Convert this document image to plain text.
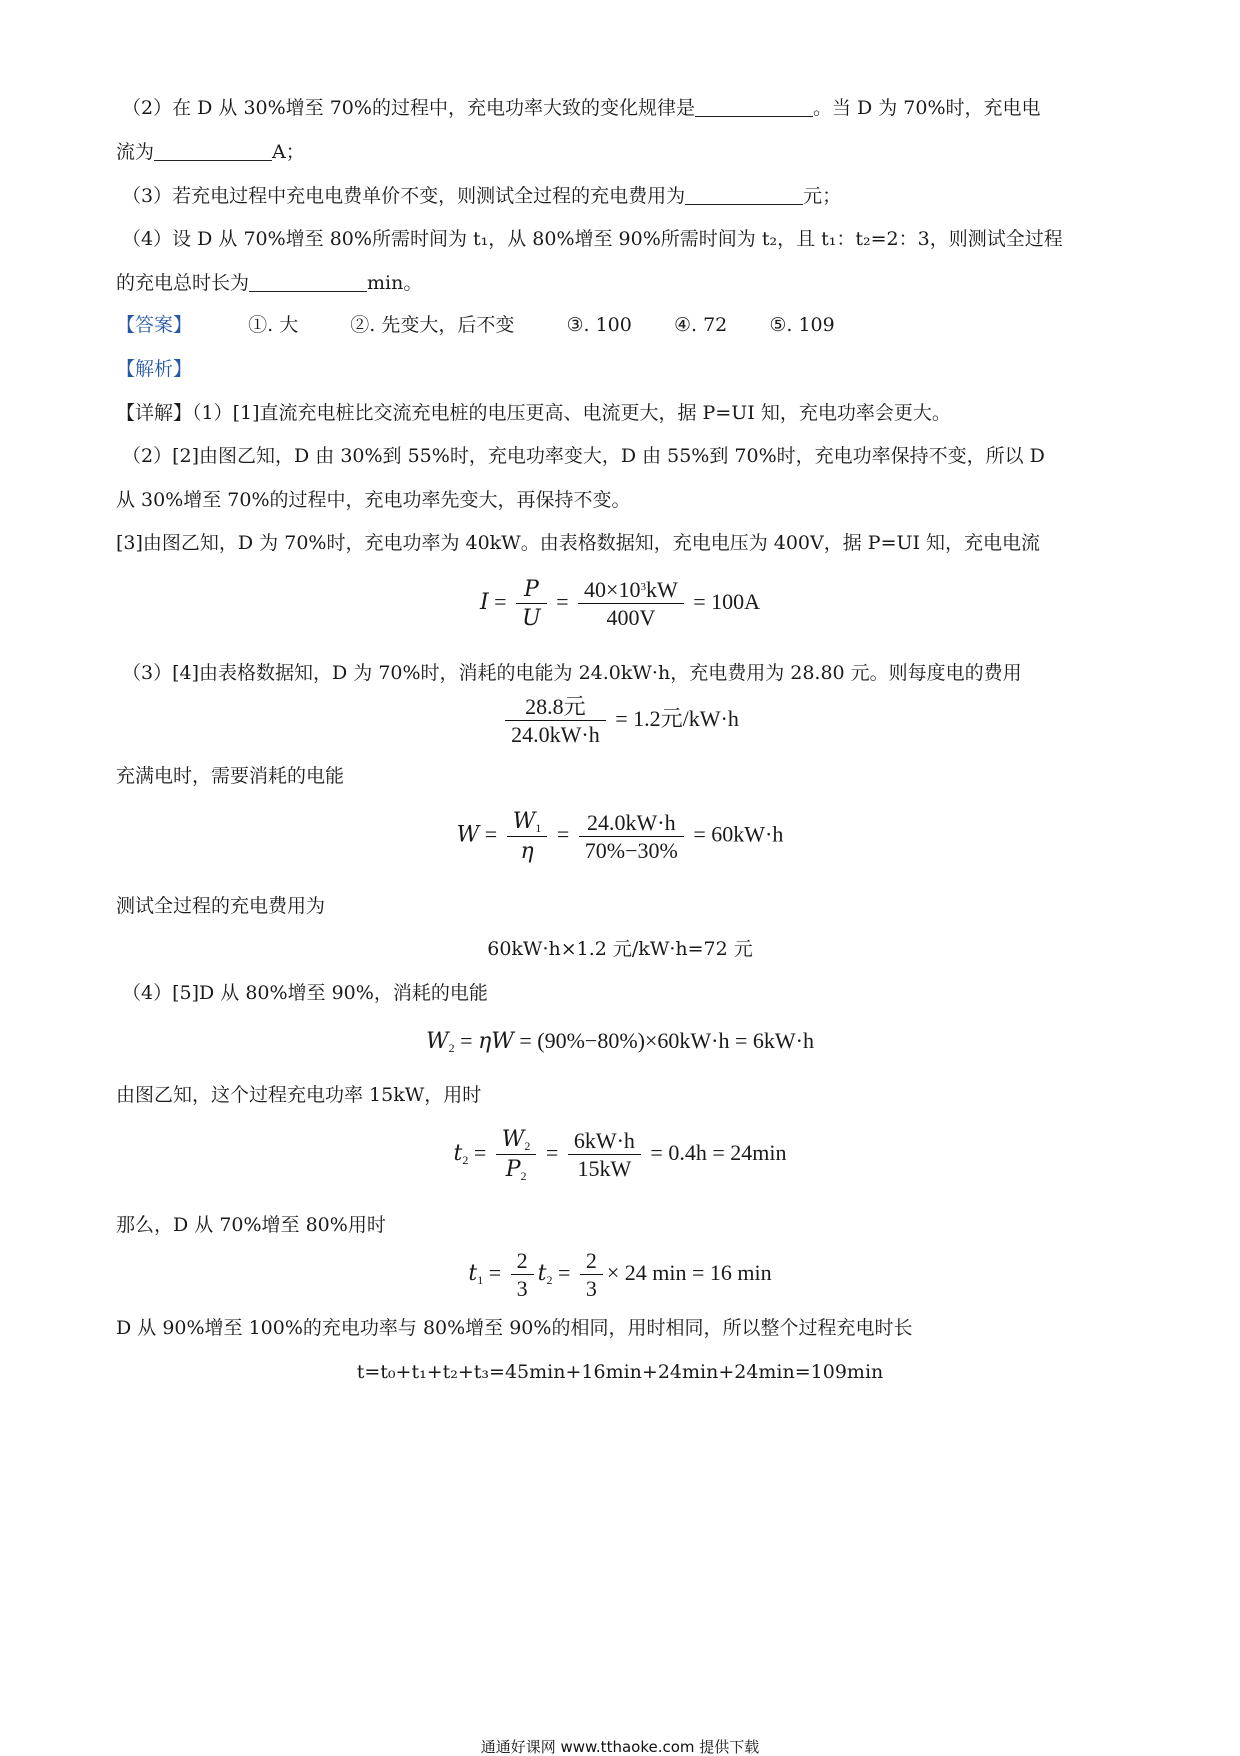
（2）在 D 从 30%增至 70%的过程中，充电功率大致的变化规律是	。当 D 为 70%时，充电电
流为	A；
（3）若充电过程中充电电费单价不变，则测试全过程的充电费用为	元；
（4）设 D 从 70%增至 80%所需时间为 t₁，从 80%增至 90%所需时间为 t₂，且 t₁：t₂=2：3，则测试全过程
的充电总时长为	min。
【答案】	①. 大	②. 先变大，后不变	③. 100 ④. 72 ⑤. 109
【解析】
【详解】（1）[1]直流充电桩比交流充电桩的电压更高、电流更大，据 P=UI 知，充电功率会更大。
（2）[2]由图乙知，D 由 30%到 55%时，充电功率变大，D 由 55%到 70%时，充电功率保持不变，所以 D
从 30%增至 70%的过程中，充电功率先变大，再保持不变。
[3]由图乙知，D 为 70%时，充电功率为 40kW。由表格数据知，充电电压为 400V，据 P=UI 知，充电电流
$I = \frac{P}{U} = \frac{40\times 10^3kW}{400V} = 100A$
（3）[4]由表格数据知，D 为 70%时，消耗的电能为 24.0kW·h，充电费用为 28.80 元。则每度电的费用
$\frac{\text{28.8元}}{24.0kW\cdot h} = 1.2$元/kW·h
充满电时，需要消耗的电能
$W = \frac{W_1}{\eta} = \frac{24.0kW\cdot h}{70\%-30\%} = 60kW\cdot h$
测试全过程的充电费用为
60kW·h×1.2 元/kW·h=72 元
（4）[5]D 从 80%增至 90%，消耗的电能
$W_2 = \eta W = (90\%-80\%)\times 60kW\cdot h = 6kW\cdot h$
由图乙知，这个过程充电功率 15kW，用时
$t_2 = \frac{W_2}{P_2} = \frac{6kW\cdot h}{15kW} = 0.4h = 24\min$
那么，D 从 70%增至 80%用时
$t_1 = \frac{2}{3} t_2 = \frac{2}{3} \times 24$ min = 16 min
D 从 90%增至 100%的充电功率与 80%增至 90%的相同，用时相同，所以整个过程充电时长
t=t₀+t₁+t₂+t₃=45min+16min+24min+24min=109min
通通好课网 www.tthaoke.com 提供下载
